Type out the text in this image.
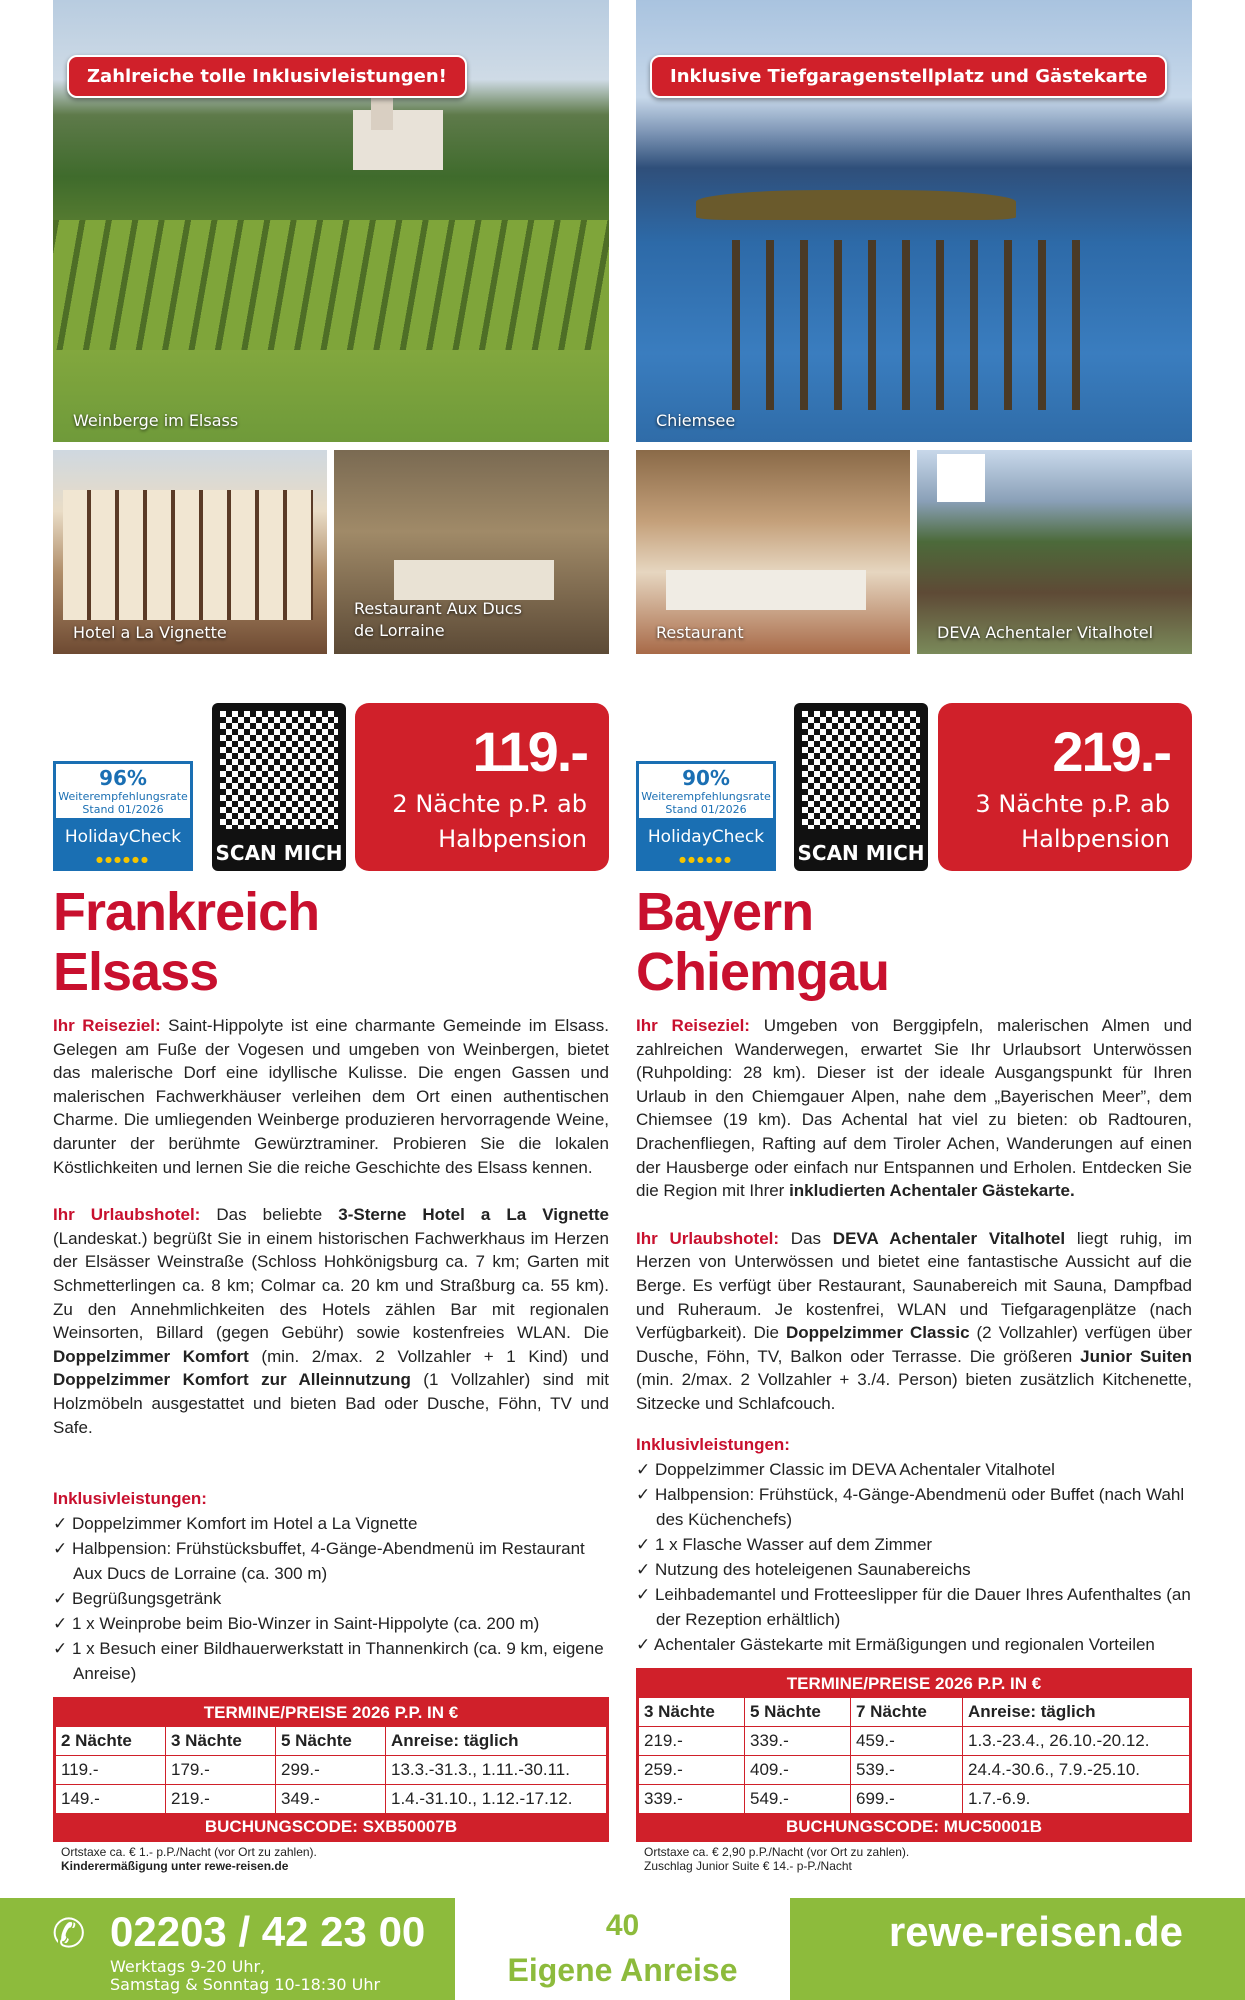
Weinberge im Elsass
Zahlreiche tolle Inklusivleistungen!
Hotel a La Vignette
Restaurant Aux Ducs
de Lorraine
Chiemsee
Inklusive Tiefgaragenstellplatz und Gästekarte
Restaurant	DEVA Achentaler Vitalhotel
96%
Weiterempfehlungsrate
Stand 01/2026
HolidayCheck
●●●●●●	SCAN MICH
119.-
2 Nächte p.P. ab
Halbpension
90%
Weiterempfehlungsrate
Stand 01/2026
HolidayCheck
●●●●●●	SCAN MICH
219.-
3 Nächte p.P. ab
Halbpension
Frankreich
Elsass
Bayern
Chiemgau

Ihr Reiseziel: Saint-Hippolyte ist eine charmante Gemeinde im Elsass. Gelegen am Fuße der Vogesen und umgeben von Weinbergen, bietet das malerische Dorf eine idyllische Kulisse. Die engen Gassen und malerischen Fachwerkhäuser verleihen dem Ort einen authentischen Charme. Die umliegenden Weinberge produzieren hervorragende Weine, darunter der berühmte Gewürztraminer. Probieren Sie die lokalen Köstlichkeiten und lernen Sie die reiche Geschichte des Elsass kennen.

Ihr Urlaubshotel: Das beliebte 3-Sterne Hotel a La Vignette (Landeskat.) begrüßt Sie in einem historischen Fachwerkhaus im Herzen der Elsässer Weinstraße (Schloss Hohkönigsburg ca. 7 km; Garten mit Schmetterlingen ca. 8 km; Colmar ca. 20 km und Straßburg ca. 55 km). Zu den Annehmlichkeiten des Hotels zählen Bar mit regionalen Weinsorten, Billard (gegen Gebühr) sowie kostenfreies WLAN. Die Doppelzimmer Komfort (min. 2/max. 2 Vollzahler + 1 Kind) und Doppelzimmer Komfort zur Alleinnutzung (1 Vollzahler) sind mit Holzmöbeln ausgestattet und bieten Bad oder Dusche, Föhn, TV und Safe.

Inklusivleistungen:
✓ Doppelzimmer Komfort im Hotel a La Vignette
✓ Halbpension: Frühstücksbuffet, 4-Gänge-Abendmenü im Restaurant Aux Ducs de Lorraine (ca. 300 m)
✓ Begrüßungsgetränk
✓ 1 x Weinprobe beim Bio-Winzer in Saint-Hippolyte (ca. 200 m)
✓ 1 x Besuch einer Bildhauerwerkstatt in Thannenkirch (ca. 9 km, eigene Anreise)
TERMINE/PREISE 2026 P.P. IN €
2 Nächte	3 Nächte	5 Nächte	Anreise: täglich
119.-	179.-	299.-	13.3.-31.3., 1.11.-30.11.
149.-	219.-	349.-	1.4.-31.10., 1.12.-17.12.
BUCHUNGSCODE: SXB50007B
Ortstaxe ca. € 1.- p.P./Nacht (vor Ort zu zahlen).
Kinderermäßigung unter rewe-reisen.de

Ihr Reiseziel: Umgeben von Berggipfeln, malerischen Almen und zahlreichen Wanderwegen, erwartet Sie Ihr Urlaubsort Unterwössen (Ruhpolding: 28 km). Dieser ist der ideale Ausgangspunkt für Ihren Urlaub in den Chiemgauer Alpen, nahe dem „Bayerischen Meer”, dem Chiemsee (19 km). Das Achental hat viel zu bieten: ob Radtouren, Drachenfliegen, Rafting auf dem Tiroler Achen, Wanderungen auf einen der Hausberge oder einfach nur Entspannen und Erholen. Entdecken Sie die Region mit Ihrer inkludierten Achentaler Gästekarte.

Ihr Urlaubshotel: Das DEVA Achentaler Vitalhotel liegt ruhig, im Herzen von Unterwössen und bietet eine fantastische Aussicht auf die Berge. Es verfügt über Restaurant, Saunabereich mit Sauna, Dampfbad und Ruheraum. Je kostenfrei, WLAN und Tiefgaragenplätze (nach Verfügbarkeit). Die Doppelzimmer Classic (2 Vollzahler) verfügen über Dusche, Föhn, TV, Balkon oder Terrasse. Die größeren Junior Suiten (min. 2/max. 2 Vollzahler + 3./4. Person) bieten zusätzlich Kitchenette, Sitzecke und Schlafcouch.

Inklusivleistungen:
✓ Doppelzimmer Classic im DEVA Achentaler Vitalhotel
✓ Halbpension: Frühstück, 4-Gänge-Abendmenü oder Buffet (nach Wahl des Küchenchefs)
✓ 1 x Flasche Wasser auf dem Zimmer
✓ Nutzung des hoteleigenen Saunabereichs
✓ Leihbademantel und Frotteeslipper für die Dauer Ihres Aufenthaltes (an der Rezeption erhältlich)
✓ Achentaler Gästekarte mit Ermäßigungen und regionalen Vorteilen
TERMINE/PREISE 2026 P.P. IN €
3 Nächte	5 Nächte	7 Nächte	Anreise: täglich
219.-	339.-	459.-	1.3.-23.4., 26.10.-20.12.
259.-	409.-	539.-	24.4.-30.6., 7.9.-25.10.
339.-	549.-	699.-	1.7.-6.9.
BUCHUNGSCODE: MUC50001B
Ortstaxe ca. € 2,90 p.P./Nacht (vor Ort zu zahlen).
Zuschlag Junior Suite € 14.- p-P./Nacht
✆ 02203 / 42 23 00
Werktags 9-20 Uhr,
Samstag & Sonntag 10-18:30 Uhr
40
Eigene Anreise
rewe-reisen.de
